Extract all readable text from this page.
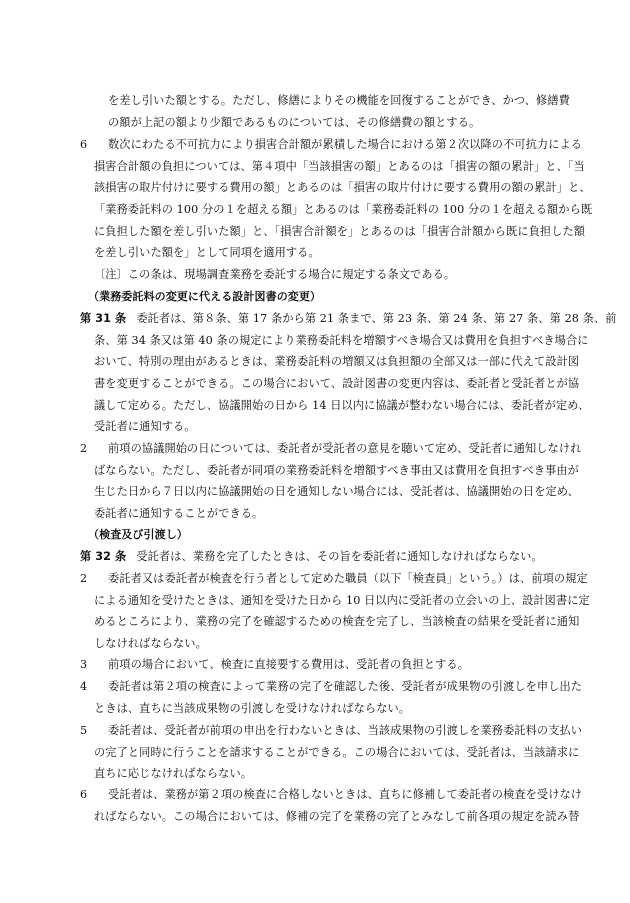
を差し引いた額とする。ただし、修繕によりその機能を回復することができ、かつ、修繕費
の額が上記の額より少額であるものについては、その修繕費の額とする。
6 数次にわたる不可抗力により損害合計額が累積した場合における第２次以降の不可抗力による
損害合計額の負担については、第４項中「当該損害の額」とあるのは「損害の額の累計」と、「当
該損害の取片付けに要する費用の額」とあるのは「損害の取片付けに要する費用の額の累計」と、
「業務委託料の 100 分の１を超える額」とあるのは「業務委託料の 100 分の１を超える額から既
に負担した額を差し引いた額」と、「損害合計額を」とあるのは「損害合計額から既に負担した額
を差し引いた額を」として同項を適用する。
〔注〕この条は、現場調査業務を委託する場合に規定する条文である。
（業務委託料の変更に代える設計図書の変更）
第 31 条 委託者は、第８条、第 17 条から第 21 条まで、第 23 条、第 24 条、第 27 条、第 28 条、前
条、第 34 条又は第 40 条の規定により業務委託料を増額すべき場合又は費用を負担すべき場合に
おいて、特別の理由があるときは、業務委託料の増額又は負担額の全部又は一部に代えて設計図
書を変更することができる。この場合において、設計図書の変更内容は、委託者と受託者とが協
議して定める。ただし、協議開始の日から 14 日以内に協議が整わない場合には、委託者が定め、
受託者に通知する。
2 前項の協議開始の日については、委託者が受託者の意見を聴いて定め、受託者に通知しなけれ
ばならない。ただし、委託者が同項の業務委託料を増額すべき事由又は費用を負担すべき事由が
生じた日から７日以内に協議開始の日を通知しない場合には、受託者は、協議開始の日を定め、
委託者に通知することができる。
（検査及び引渡し）
第 32 条 受託者は、業務を完了したときは、その旨を委託者に通知しなければならない。
2 委託者又は委託者が検査を行う者として定めた職員（以下「検査員」という。）は、前項の規定
による通知を受けたときは、通知を受けた日から 10 日以内に受託者の立会いの上、設計図書に定
めるところにより、業務の完了を確認するための検査を完了し、当該検査の結果を受託者に通知
しなければならない。
3 前項の場合において、検査に直接要する費用は、受託者の負担とする。
4 委託者は第２項の検査によって業務の完了を確認した後、受託者が成果物の引渡しを申し出た
ときは、直ちに当該成果物の引渡しを受けなければならない。
5 委託者は、受託者が前項の申出を行わないときは、当該成果物の引渡しを業務委託料の支払い
の完了と同時に行うことを請求することができる。この場合においては、受託者は、当該請求に
直ちに応じなければならない。
6 受託者は、業務が第２項の検査に合格しないときは、直ちに修補して委託者の検査を受けなけ
ればならない。この場合においては、修補の完了を業務の完了とみなして前各項の規定を読み替
